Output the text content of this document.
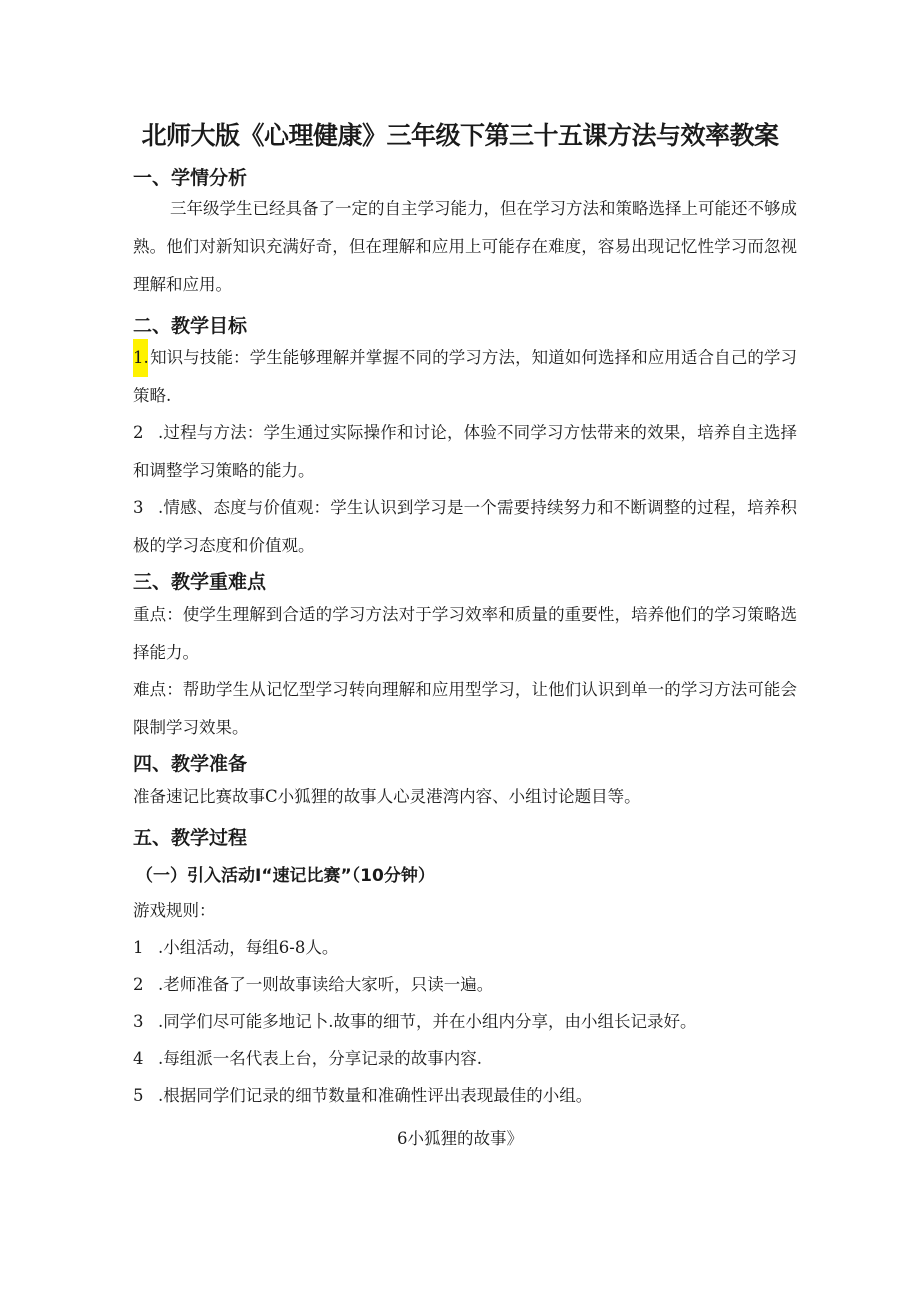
北师大版《心理健康》三年级下第三十五课方法与效率教案
一、学情分析
三年级学生已经具备了一定的自主学习能力，但在学习方法和策略选择上可能还不够成熟。他们对新知识充满好奇，但在理解和应用上可能存在难度，容易出现记忆性学习而忽视理解和应用。
二、教学目标
1.知识与技能：学生能够理解并掌握不同的学习方法，知道如何选择和应用适合自己的学习策略.
2 .过程与方法：学生通过实际操作和讨论，体验不同学习方怯带来的效果，培养自主选择和调整学习策略的能力。
3 .情感、态度与价值观：学生认识到学习是一个需要持续努力和不断调整的过程，培养积极的学习态度和价值观。
三、教学重难点
重点：使学生理解到合适的学习方法对于学习效率和质量的重要性，培养他们的学习策略选择能力。
难点：帮助学生从记忆型学习转向理解和应用型学习，让他们认识到单一的学习方法可能会限制学习效果。
四、教学准备
准备速记比赛故事C小狐狸的故事人心灵港湾内容、小组讨论题目等。
五、教学过程
（一）引入活动I“速记比赛”（10分钟）
游戏规则：
1 .小组活动，每组6-8人。
2 .老师准备了一则故事读给大家听，只读一遍。
3 .同学们尽可能多地记卜.故事的细节，并在小组内分享，由小组长记录好。
4 .每组派一名代表上台，分享记录的故事内容.
5 .根据同学们记录的细节数量和准确性评出表现最佳的小组。
6小狐狸的故事》
